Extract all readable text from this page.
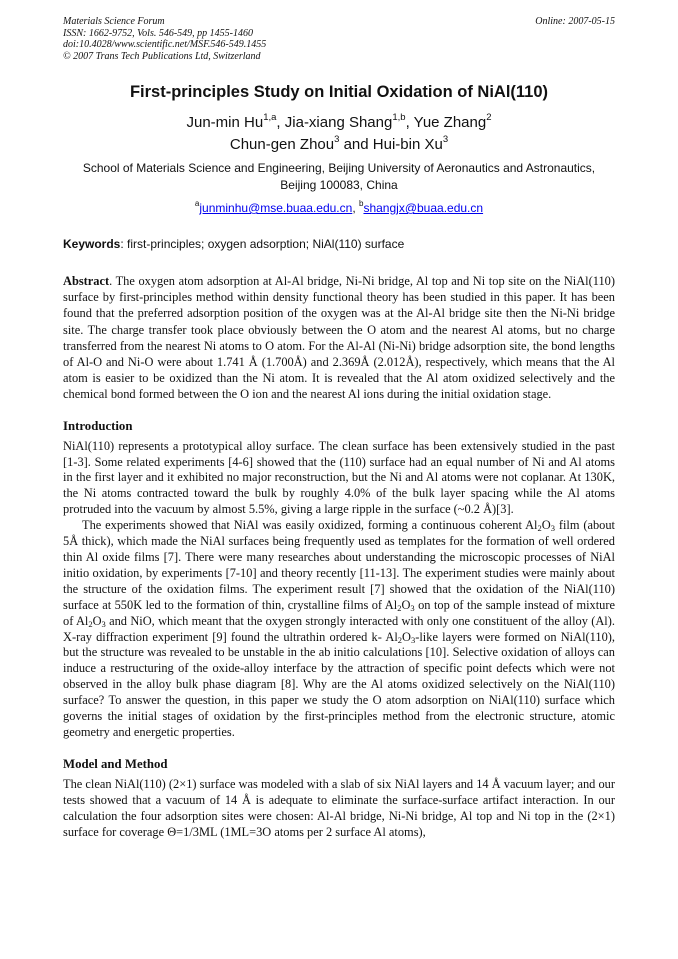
Materials Science Forum	Online: 2007-05-15
ISSN: 1662-9752, Vols. 546-549, pp 1455-1460
doi:10.4028/www.scientific.net/MSF.546-549.1455
© 2007 Trans Tech Publications Ltd, Switzerland
First-principles Study on Initial Oxidation of NiAl(110)
Jun-min Hu$^{1,a}$, Jia-xiang Shang$^{1,b}$, Yue Zhang$^2$
Chun-gen Zhou$^3$ and Hui-bin Xu$^3$
School of Materials Science and Engineering, Beijing University of Aeronautics and Astronautics,
Beijing 100083, China
$^a$junminhu@mse.buaa.edu.cn, $^b$shangjx@buaa.edu.cn
Keywords: first-principles; oxygen adsorption; NiAl(110) surface
Abstract. The oxygen atom adsorption at Al-Al bridge, Ni-Ni bridge, Al top and Ni top site on the NiAl(110) surface by first-principles method within density functional theory has been studied in this paper. It has been found that the preferred adsorption position of the oxygen was at the Al-Al bridge site then the Ni-Ni bridge site. The charge transfer took place obviously between the O atom and the nearest Al atoms, but no charge transferred from the nearest Ni atoms to O atom. For the Al-Al (Ni-Ni) bridge adsorption site, the bond lengths of Al-O and Ni-O were about 1.741 Å (1.700Å) and 2.369Å (2.012Å), respectively, which means that the Al atom is easier to be oxidized than the Ni atom. It is revealed that the Al atom oxidized selectively and the chemical bond formed between the O ion and the nearest Al ions during the initial oxidation stage.
Introduction

NiAl(110) represents a prototypical alloy surface. The clean surface has been extensively studied in the past [1-3]. Some related experiments [4-6] showed that the (110) surface had an equal number of Ni and Al atoms in the first layer and it exhibited no major reconstruction, but the Ni and Al atoms were not coplanar. At 130K, the Ni atoms contracted toward the bulk by roughly 4.0% of the bulk layer spacing while the Al atoms protruded into the vacuum by almost 5.5%, giving a large ripple in the surface (~0.2 Å)[3].

The experiments showed that NiAl was easily oxidized, forming a continuous coherent $Al_2O_3$ film (about 5Å thick), which made the NiAl surfaces being frequently used as templates for the formation of well ordered thin Al oxide films [7]. There were many researches about understanding the microscopic processes of NiAl initio oxidation, by experiments [7-10] and theory recently [11-13]. The experiment studies were mainly about the structure of the oxidation films. The experiment result [7] showed that the oxidation of the NiAl(110) surface at 550K led to the formation of thin, crystalline films of $Al_2O_3$ on top of the sample instead of mixture of $Al_2O_3$ and NiO, which meant that the oxygen strongly interacted with only one constituent of the alloy (Al). X-ray diffraction experiment [9] found the ultrathin ordered k- $Al_2O_3$-like layers were formed on NiAl(110), but the structure was revealed to be unstable in the ab initio calculations [10]. Selective oxidation of alloys can induce a restructuring of the oxide-alloy interface by the attraction of specific point defects which were not observed in the alloy bulk phase diagram [8]. Why are the Al atoms oxidized selectively on the NiAl(110) surface? To answer the question, in this paper we study the O atom adsorption on NiAl(110) surface which governs the initial stages of oxidation by the first-principles method from the electronic structure, atomic geometry and energetic properties.

Model and Method

The clean NiAl(110) (2×1) surface was modeled with a slab of six NiAl layers and 14 Å vacuum layer; and our tests showed that a vacuum of 14 Å is adequate to eliminate the surface-surface artifact interaction. In our calculation the four adsorption sites were chosen: Al-Al bridge, Ni-Ni bridge, Al top and Ni top in the (2×1) surface for coverage Θ=1/3ML (1ML=3O atoms per 2 surface Al atoms),
